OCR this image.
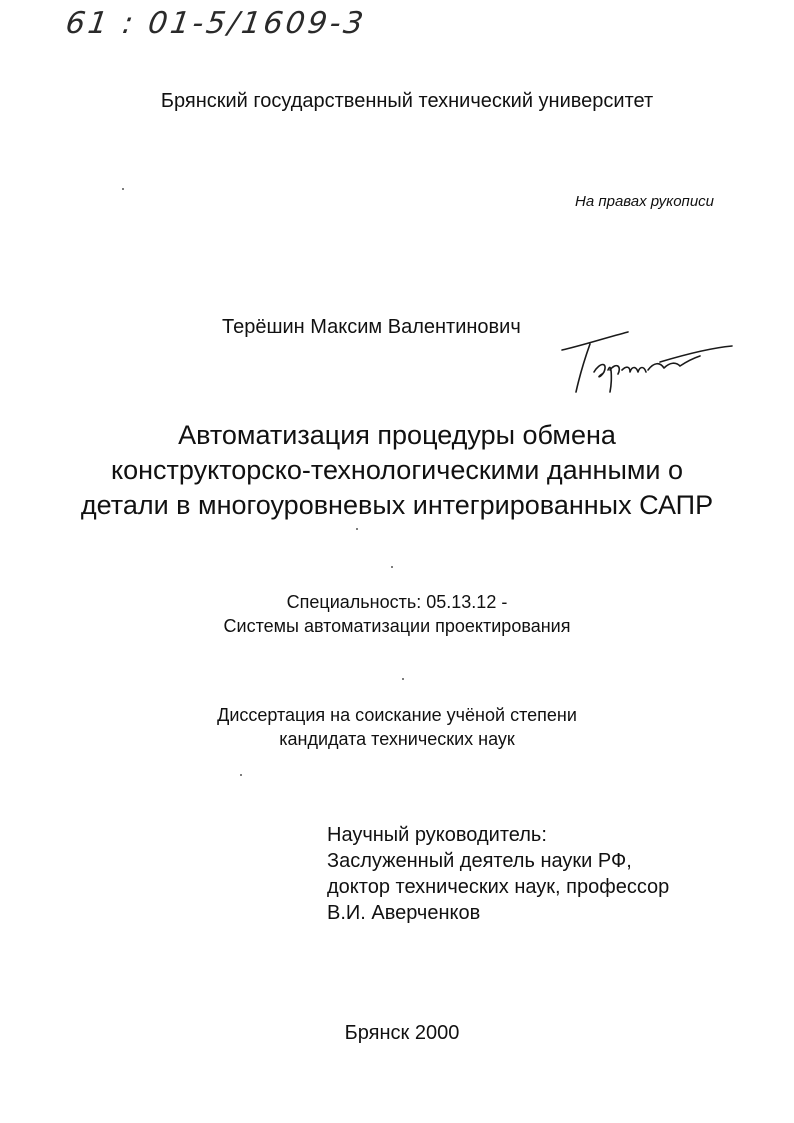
61 : 01-5/1609-3
Брянский государственный технический университет
На правах рукописи
Терёшин Максим Валентинович
Автоматизация процедуры обмена
конструкторско-технологическими данными о
детали в многоуровневых интегрированных САПР
Специальность: 05.13.12 -
Системы автоматизации проектирования
Диссертация на соискание учёной степени
кандидата технических наук
Научный руководитель:
Заслуженный деятель науки РФ,
доктор технических наук, профессор
В.И. Аверченков
Брянск 2000
